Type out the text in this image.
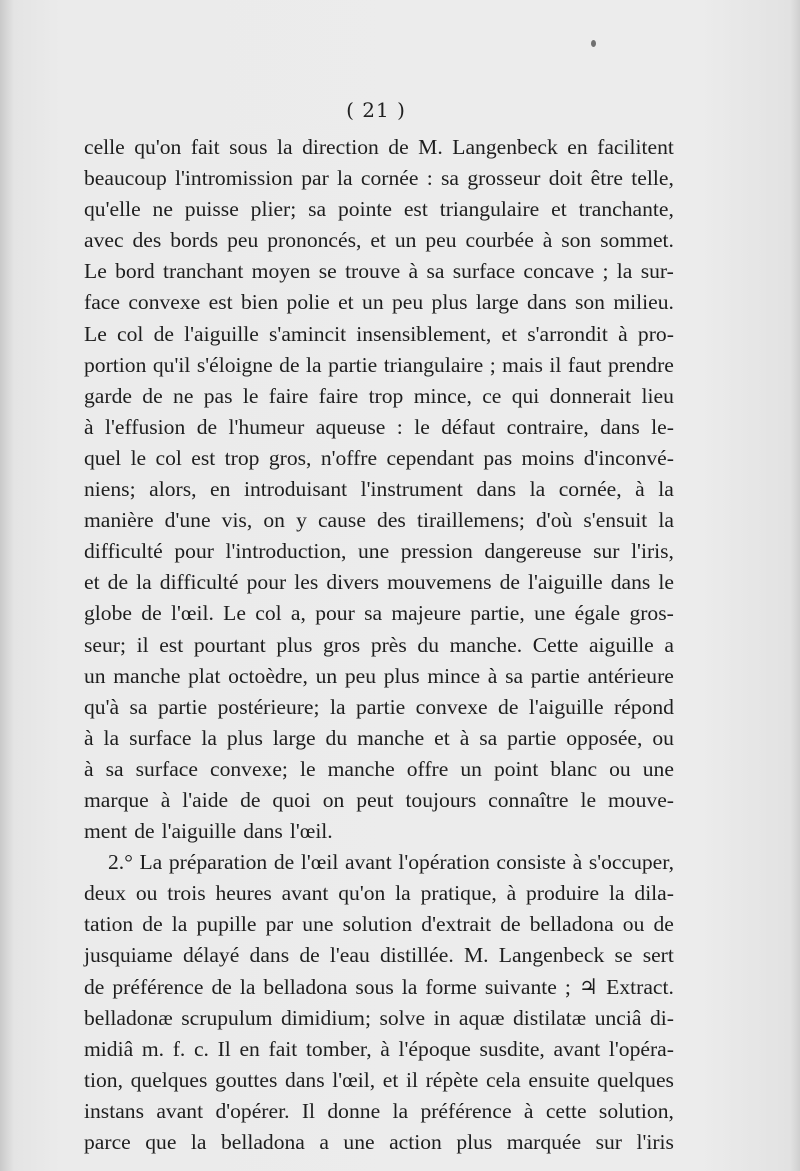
( 21 )
celle qu'on fait sous la direction de M. Langenbeck en facilitent
beaucoup l'intromission par la cornée : sa grosseur doit être telle,
qu'elle ne puisse plier; sa pointe est triangulaire et tranchante,
avec des bords peu prononcés, et un peu courbée à son sommet.
Le bord tranchant moyen se trouve à sa surface concave ; la sur-
face convexe est bien polie et un peu plus large dans son milieu.
Le col de l'aiguille s'amincit insensiblement, et s'arrondit à pro-
portion qu'il s'éloigne de la partie triangulaire ; mais il faut prendre
garde de ne pas le faire faire trop mince, ce qui donnerait lieu
à l'effusion de l'humeur aqueuse : le défaut contraire, dans le-
quel le col est trop gros, n'offre cependant pas moins d'inconvé-
niens; alors, en introduisant l'instrument dans la cornée, à la
manière d'une vis, on y cause des tiraillemens; d'où s'ensuit la
difficulté pour l'introduction, une pression dangereuse sur l'iris,
et de la difficulté pour les divers mouvemens de l'aiguille dans le
globe de l'œil. Le col a, pour sa majeure partie, une égale gros-
seur; il est pourtant plus gros près du manche. Cette aiguille a
un manche plat octoèdre, un peu plus mince à sa partie antérieure
qu'à sa partie postérieure; la partie convexe de l'aiguille répond
à la surface la plus large du manche et à sa partie opposée, ou
à sa surface convexe; le manche offre un point blanc ou une
marque à l'aide de quoi on peut toujours connaître le mouve-
ment de l'aiguille dans l'œil.
2.° La préparation de l'œil avant l'opération consiste à s'occuper,
deux ou trois heures avant qu'on la pratique, à produire la dila-
tation de la pupille par une solution d'extrait de belladona ou de
jusquiame délayé dans de l'eau distillée. M. Langenbeck se sert
de préférence de la belladona sous la forme suivante ; ♃ Extract.
belladonæ scrupulum dimidium; solve in aquæ distilatæ unciâ di-
midiâ m. f. c. Il en fait tomber, à l'époque susdite, avant l'opéra-
tion, quelques gouttes dans l'œil, et il répète cela ensuite quelques
instans avant d'opérer. Il donne la préférence à cette solution,
parce que la belladona a une action plus marquée sur l'iris
